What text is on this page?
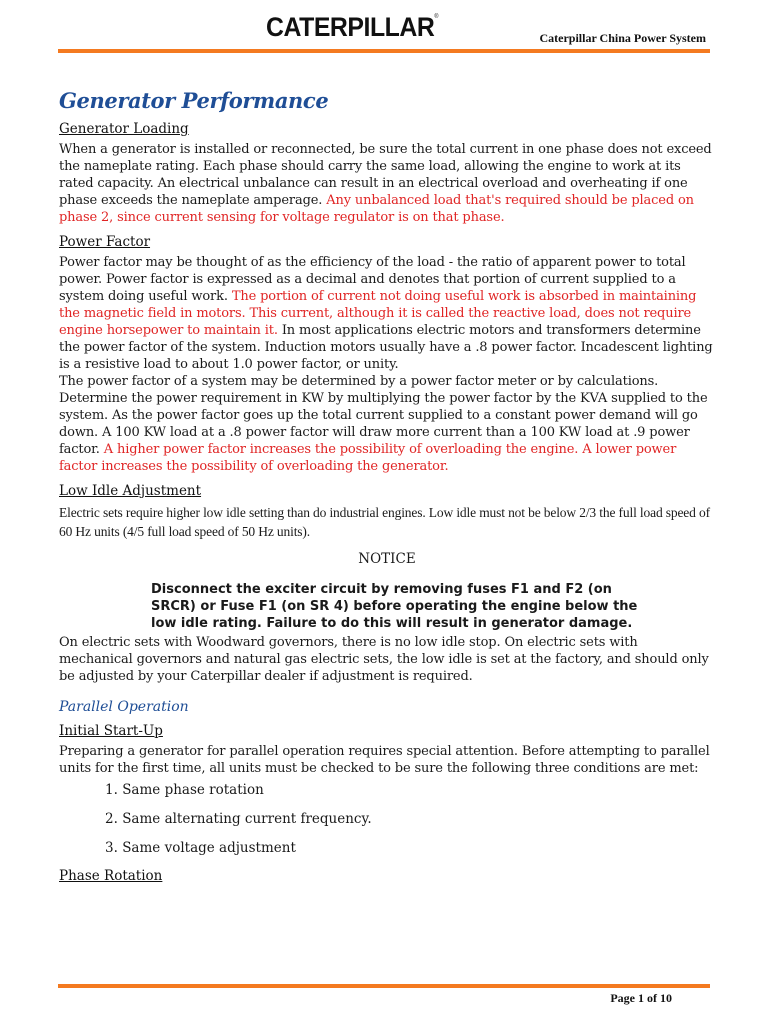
CATERPILLAR®
Caterpillar China Power System
Generator Performance
Generator Loading

When a generator is installed or reconnected, be sure the total current in one phase does not exceed the nameplate rating. Each phase should carry the same load, allowing the engine to work at its rated capacity. An electrical unbalance can result in an electrical overload and overheating if one phase exceeds the nameplate amperage. Any unbalanced load that's required should be placed on phase 2, since current sensing for voltage regulator is on that phase.

Power Factor

Power factor may be thought of as the efficiency of the load - the ratio of apparent power to total power. Power factor is expressed as a decimal and denotes that portion of current supplied to a system doing useful work. The portion of current not doing useful work is absorbed in maintaining the magnetic field in motors. This current, although it is called the reactive load, does not require engine horsepower to maintain it. In most applications electric motors and transformers determine the power factor of the system. Induction motors usually have a .8 power factor. Incadescent lighting is a resistive load to about 1.0 power factor, or unity.

The power factor of a system may be determined by a power factor meter or by calculations. Determine the power requirement in KW by multiplying the power factor by the KVA supplied to the system. As the power factor goes up the total current supplied to a constant power demand will go down. A 100 KW load at a .8 power factor will draw more current than a 100 KW load at .9 power factor. A higher power factor increases the possibility of overloading the engine. A lower power factor increases the possibility of overloading the generator.

Low Idle Adjustment

Electric sets require higher low idle setting than do industrial engines. Low idle must not be below 2/3 the full load speed of 60 Hz units (4/5 full load speed of 50 Hz units).

NOTICE

Disconnect the exciter circuit by removing fuses F1 and F2 (on SRCR) or Fuse F1 (on SR 4) before operating the engine below the low idle rating. Failure to do this will result in generator damage.

On electric sets with Woodward governors, there is no low idle stop. On electric sets with mechanical governors and natural gas electric sets, the low idle is set at the factory, and should only be adjusted by your Caterpillar dealer if adjustment is required.

Parallel Operation
Initial Start-Up

Preparing a generator for parallel operation requires special attention. Before attempting to parallel units for the first time, all units must be checked to be sure the following three conditions are met:

1. Same phase rotation
2. Same alternating current frequency.
3. Same voltage adjustment
Phase Rotation
Page 1 of 10
